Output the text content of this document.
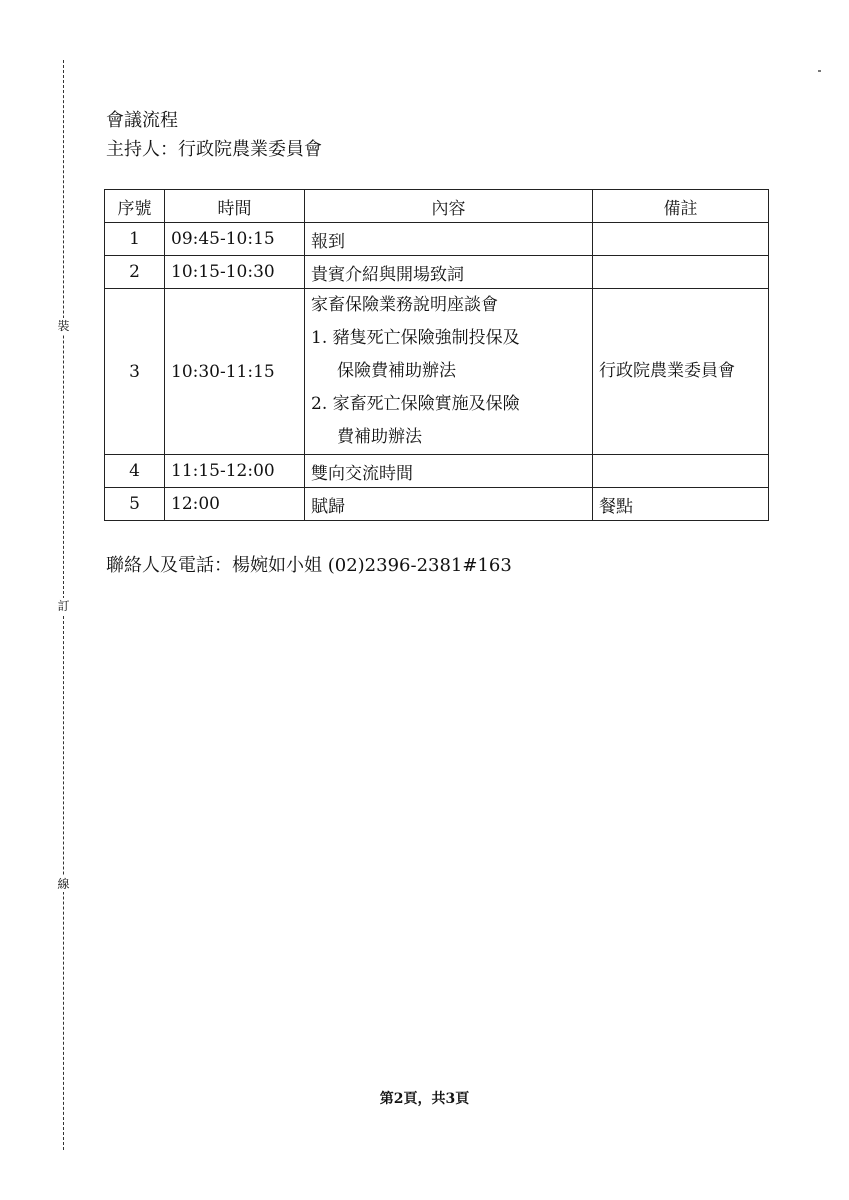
裝
訂
線
會議流程
主持人：行政院農業委員會
序號	時間	內容	備註
1	09:45-10:15	報到	
2	10:15-10:30	貴賓介紹與開場致詞	
3	10:30-11:15	家畜保險業務說明座談會
1. 豬隻死亡保險強制投保及
保險費補助辦法
2. 家畜死亡保險實施及保險
費補助辦法	行政院農業委員會

4	11:15-12:00	雙向交流時間	
5	12:00	賦歸	餐點
聯絡人及電話：楊婉如小姐 (02)2396-2381#163
第2頁，共3頁
